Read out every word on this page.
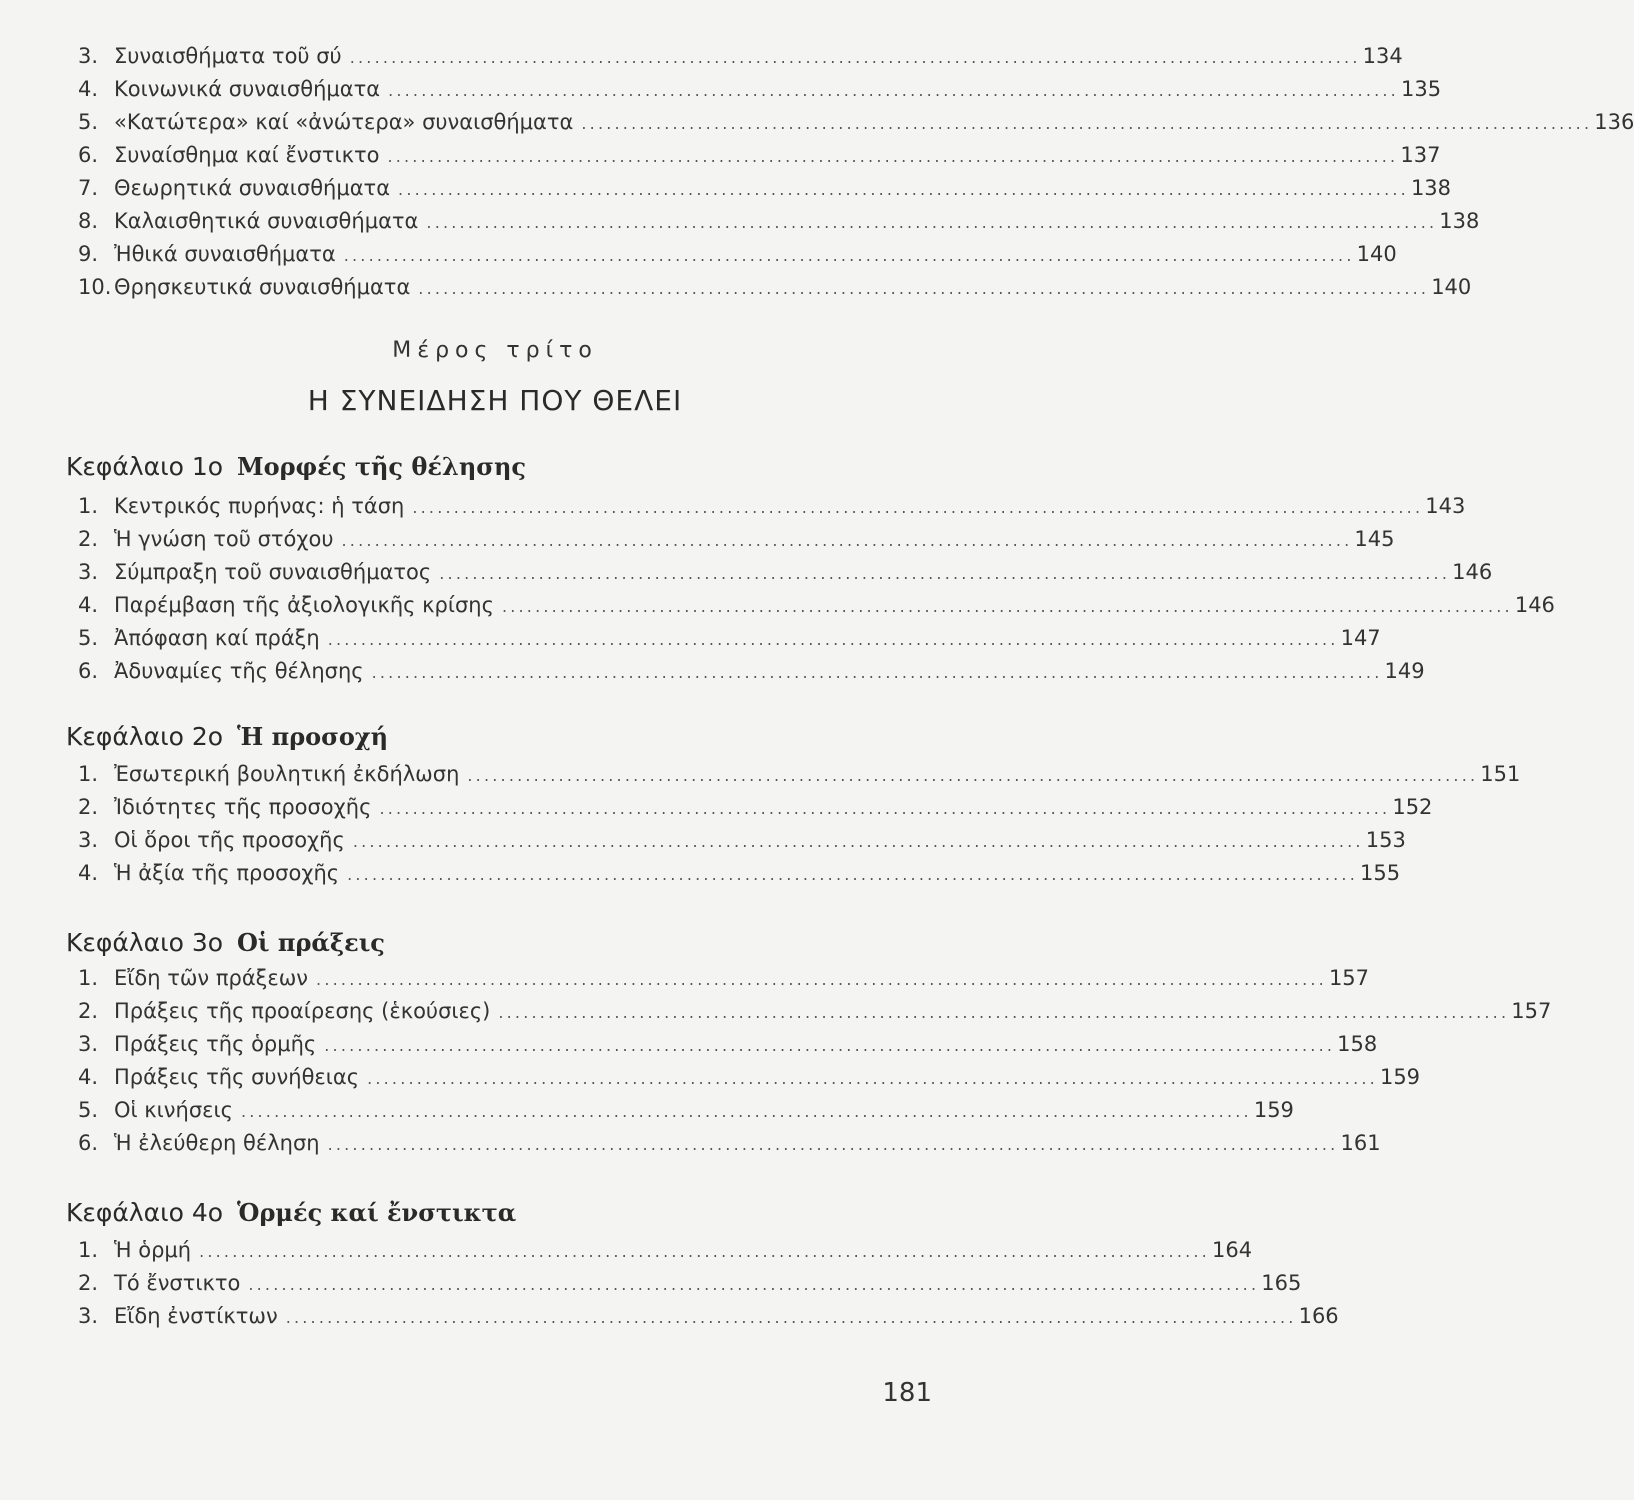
3. Συναισθήματα τοῦ σύ .......................................................................................................................... 134
4. Κοινωνικά συναισθήματα .......................................................................................................................... 135
5. «Κατώτερα» καί «ἀνώτερα» συναισθήματα .......................................................................................................................... 136
6. Συναίσθημα καί ἔνστικτο .......................................................................................................................... 137
7. Θεωρητικά συναισθήματα .......................................................................................................................... 138
8. Καλαισθητικά συναισθήματα .......................................................................................................................... 138
9. Ἠθικά συναισθήματα .......................................................................................................................... 140
10. Θρησκευτικά συναισθήματα .......................................................................................................................... 140
Μέρος τρίτο
Η ΣΥΝΕΙΔΗΣΗ ΠΟΥ ΘΕΛΕΙ
Κεφάλαιο 1ο Μορφές τῆς θέλησης
1. Κεντρικός πυρήνας: ἡ τάση .......................................................................................................................... 143
2. Ἡ γνώση τοῦ στόχου .......................................................................................................................... 145
3. Σύμπραξη τοῦ συναισθήματος .......................................................................................................................... 146
4. Παρέμβαση τῆς ἀξιολογικῆς κρίσης .......................................................................................................................... 146
5. Ἀπόφαση καί πράξη .......................................................................................................................... 147
6. Ἀδυναμίες τῆς θέλησης .......................................................................................................................... 149
Κεφάλαιο 2ο Ἡ προσοχή
1. Ἐσωτερική βουλητική ἐκδήλωση .......................................................................................................................... 151
2. Ἰδιότητες τῆς προσοχῆς .......................................................................................................................... 152
3. Οἱ ὅροι τῆς προσοχῆς .......................................................................................................................... 153
4. Ἡ ἀξία τῆς προσοχῆς .......................................................................................................................... 155
Κεφάλαιο 3ο Οἱ πράξεις
1. Εἴδη τῶν πράξεων .......................................................................................................................... 157
2. Πράξεις τῆς προαίρεσης (ἑκούσιες) .......................................................................................................................... 157
3. Πράξεις τῆς ὁρμῆς .......................................................................................................................... 158
4. Πράξεις τῆς συνήθειας .......................................................................................................................... 159
5. Οἱ κινήσεις .......................................................................................................................... 159
6. Ἡ ἐλεύθερη θέληση .......................................................................................................................... 161
Κεφάλαιο 4ο Ὁρμές καί ἔνστικτα
1. Ἡ ὁρμή .......................................................................................................................... 164
2. Τό ἔνστικτο .......................................................................................................................... 165
3. Εἴδη ἐνστίκτων .......................................................................................................................... 166
181
